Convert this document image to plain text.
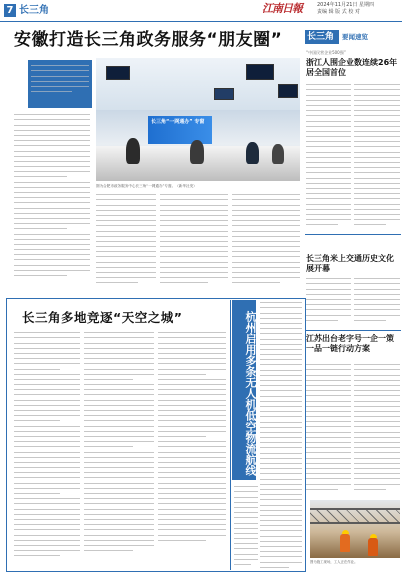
7 长三角	江南日報	2024年11月21日 星期四
责编 辑 版 式 校 对
安徽打造长三角政务服务“朋友圈”
长三角“一网通办” 专窗
图为合肥市政务服务中心长三角“一网通办”专窗。（新华社发）
长三角	要闻速览
“中国民营企业500强”
浙江人围企业数连续26年居全国首位
长三角米上交通历史文化展开幕
江苏出台老字号一企一策一品一链行动方案
图为施工现场，工人正在作业。
长三角多地竞逐“天空之城”	杭州启用多条无人机低空物流航线
